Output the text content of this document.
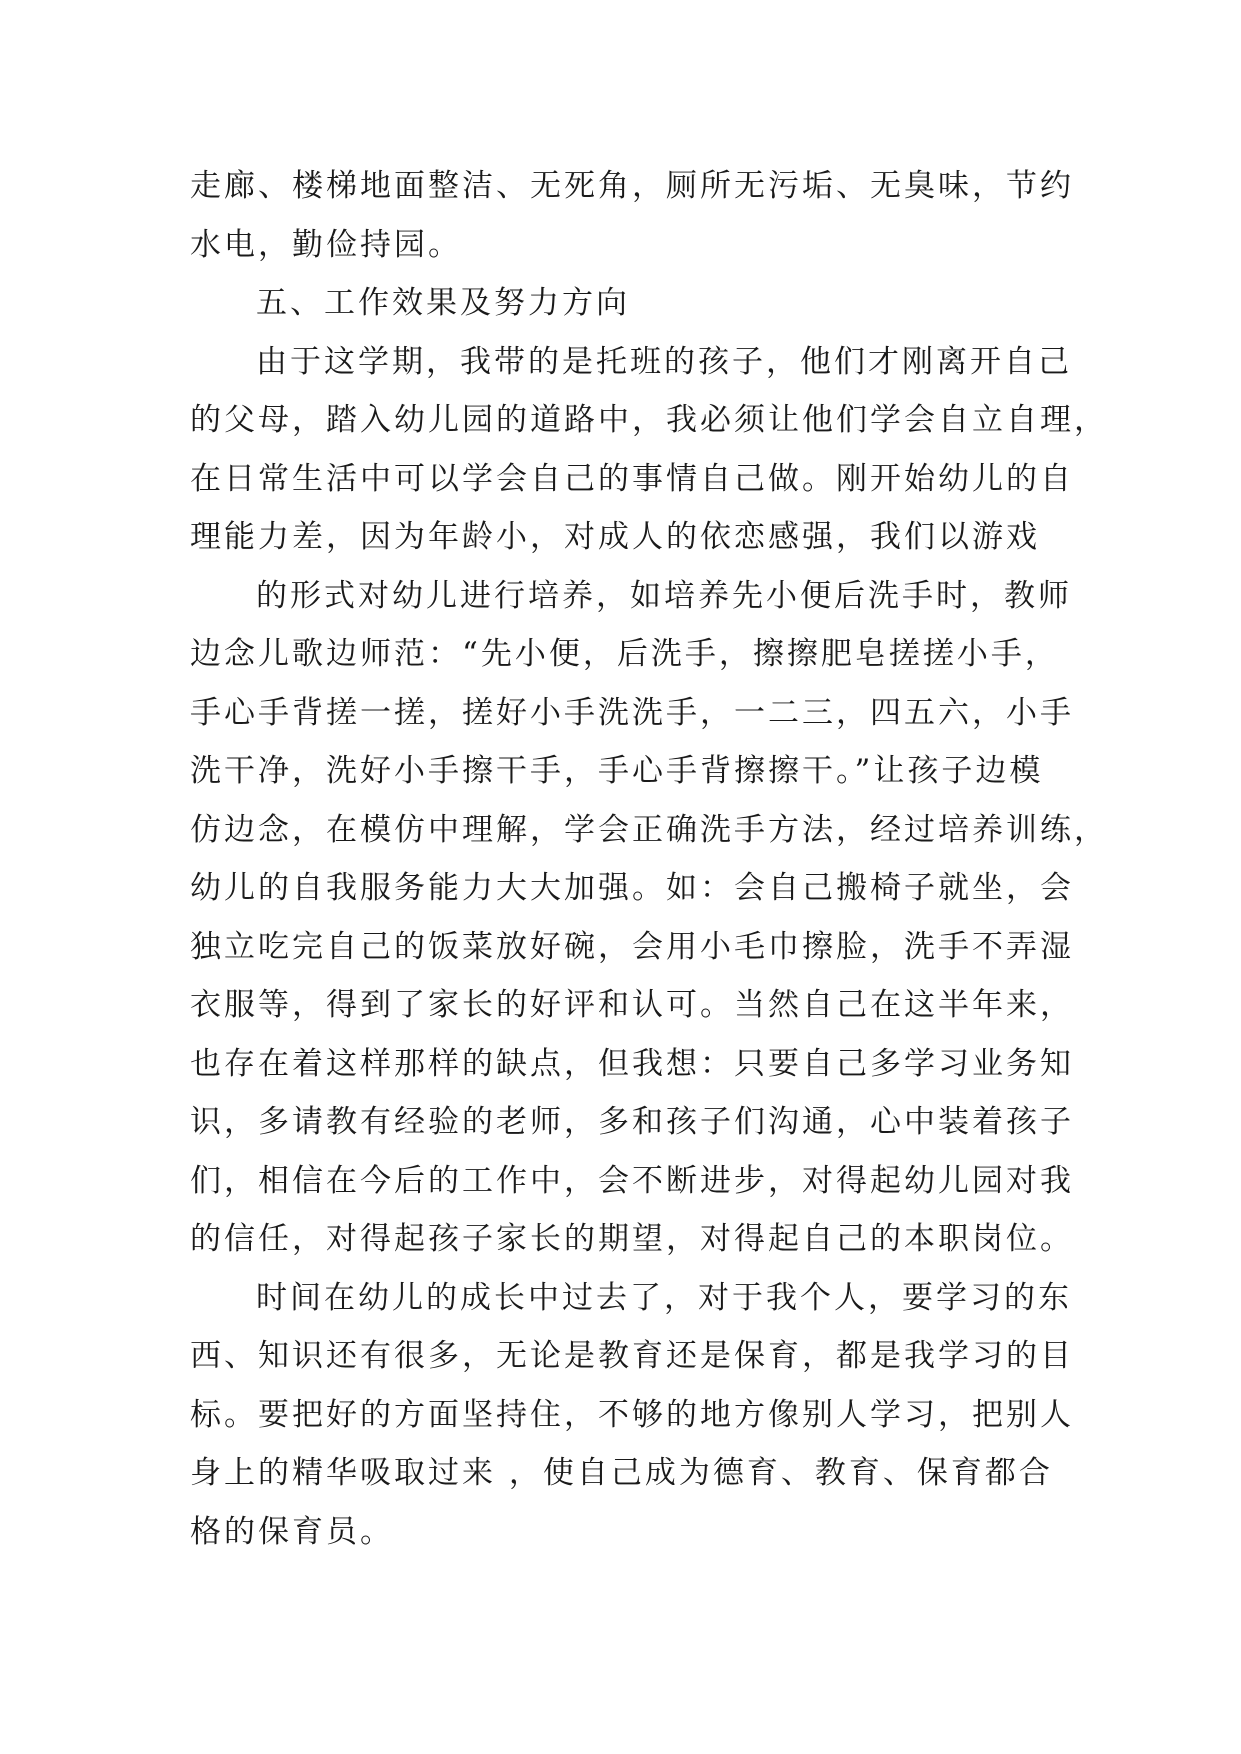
走廊、楼梯地面整洁、无死角，厕所无污垢、无臭味，节约
水电，勤俭持园。
五、工作效果及努力方向
由于这学期，我带的是托班的孩子，他们才刚离开自己
的父母，踏入幼儿园的道路中，我必须让他们学会自立自理，
在日常生活中可以学会自己的事情自己做。刚开始幼儿的自
理能力差，因为年龄小，对成人的依恋感强，我们以游戏
的形式对幼儿进行培养，如培养先小便后洗手时，教师
边念儿歌边师范：“先小便，后洗手，擦擦肥皂搓搓小手，
手心手背搓一搓，搓好小手洗洗手，一二三，四五六，小手
洗干净，洗好小手擦干手，手心手背擦擦干。”让孩子边模
仿边念，在模仿中理解，学会正确洗手方法，经过培养训练，
幼儿的自我服务能力大大加强。如：会自己搬椅子就坐，会
独立吃完自己的饭菜放好碗，会用小毛巾擦脸，洗手不弄湿
衣服等，得到了家长的好评和认可。当然自己在这半年来，
也存在着这样那样的缺点，但我想：只要自己多学习业务知
识，多请教有经验的老师，多和孩子们沟通，心中装着孩子
们，相信在今后的工作中，会不断进步，对得起幼儿园对我
的信任，对得起孩子家长的期望，对得起自己的本职岗位。
时间在幼儿的成长中过去了，对于我个人，要学习的东
西、知识还有很多，无论是教育还是保育，都是我学习的目
标。要把好的方面坚持住，不够的地方像别人学习，把别人
身上的精华吸取过来 ，使自己成为德育、教育、保育都合
格的保育员。
